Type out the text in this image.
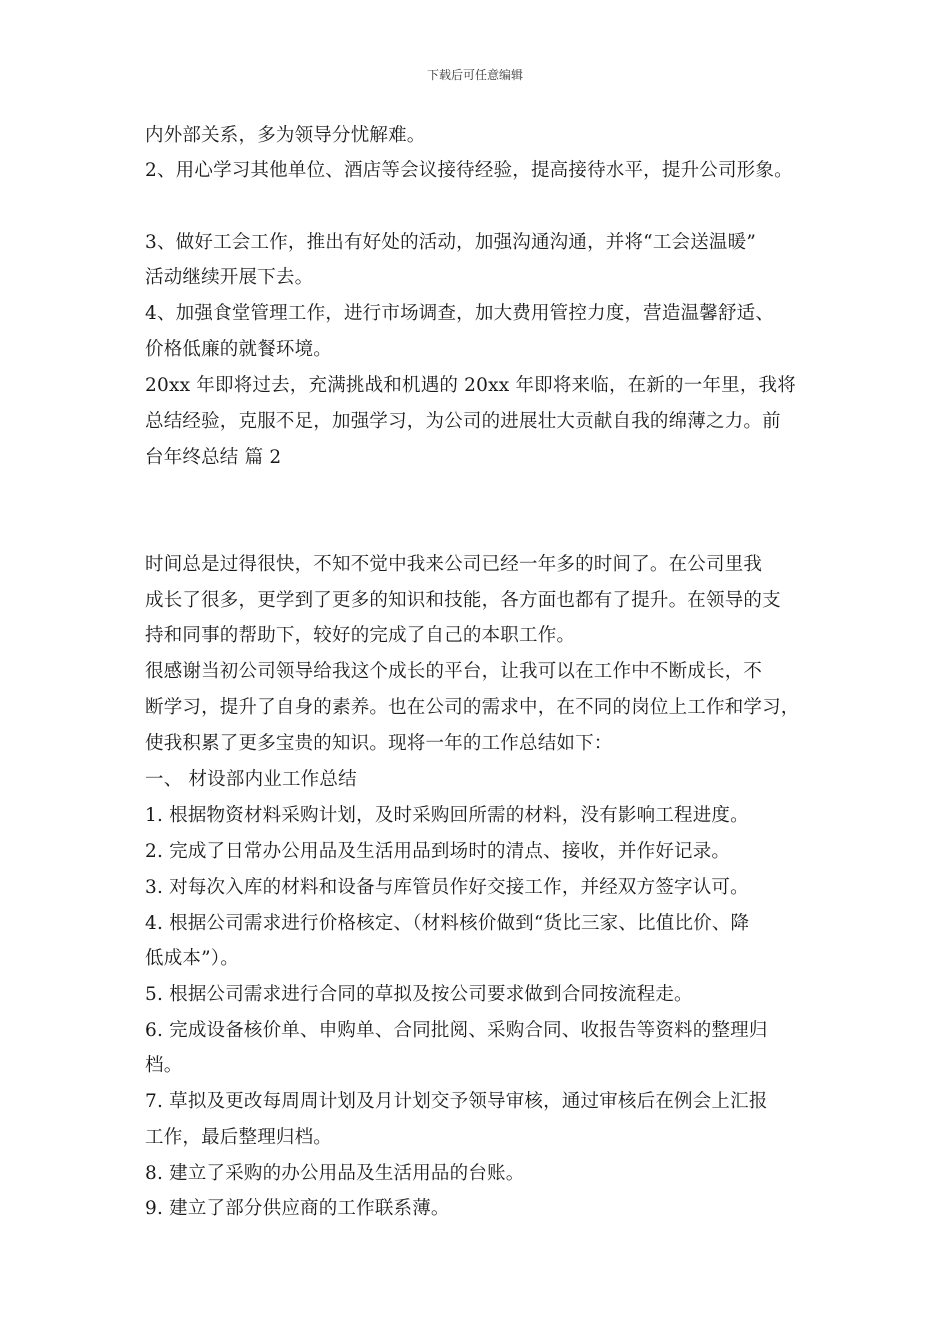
下载后可任意编辑
内外部关系，多为领导分忧解难。
2、用心学习其他单位、酒店等会议接待经验，提高接待水平，提升公司形象。
3、做好工会工作，推出有好处的活动，加强沟通沟通，并将“工会送温暖”
活动继续开展下去。
4、加强食堂管理工作，进行市场调查，加大费用管控力度，营造温馨舒适、
价格低廉的就餐环境。
20xx 年即将过去，充满挑战和机遇的 20xx 年即将来临，在新的一年里，我将
总结经验，克服不足，加强学习，为公司的进展壮大贡献自我的绵薄之力。前
台年终总结 篇 2
时间总是过得很快，不知不觉中我来公司已经一年多的时间了。在公司里我
成长了很多，更学到了更多的知识和技能，各方面也都有了提升。在领导的支
持和同事的帮助下，较好的完成了自己的本职工作。
很感谢当初公司领导给我这个成长的平台，让我可以在工作中不断成长，不
断学习，提升了自身的素养。也在公司的需求中，在不同的岗位上工作和学习，
使我积累了更多宝贵的知识。现将一年的工作总结如下：
一、 材设部内业工作总结
1. 根据物资材料采购计划，及时采购回所需的材料，没有影响工程进度。
2. 完成了日常办公用品及生活用品到场时的清点、接收，并作好记录。
3. 对每次入库的材料和设备与库管员作好交接工作，并经双方签字认可。
4. 根据公司需求进行价格核定、（材料核价做到“货比三家、比值比价、降
低成本”）。
5. 根据公司需求进行合同的草拟及按公司要求做到合同按流程走。
6. 完成设备核价单、申购单、合同批阅、采购合同、收报告等资料的整理归
档。
7. 草拟及更改每周周计划及月计划交予领导审核，通过审核后在例会上汇报
工作，最后整理归档。
8. 建立了采购的办公用品及生活用品的台账。
9. 建立了部分供应商的工作联系薄。
